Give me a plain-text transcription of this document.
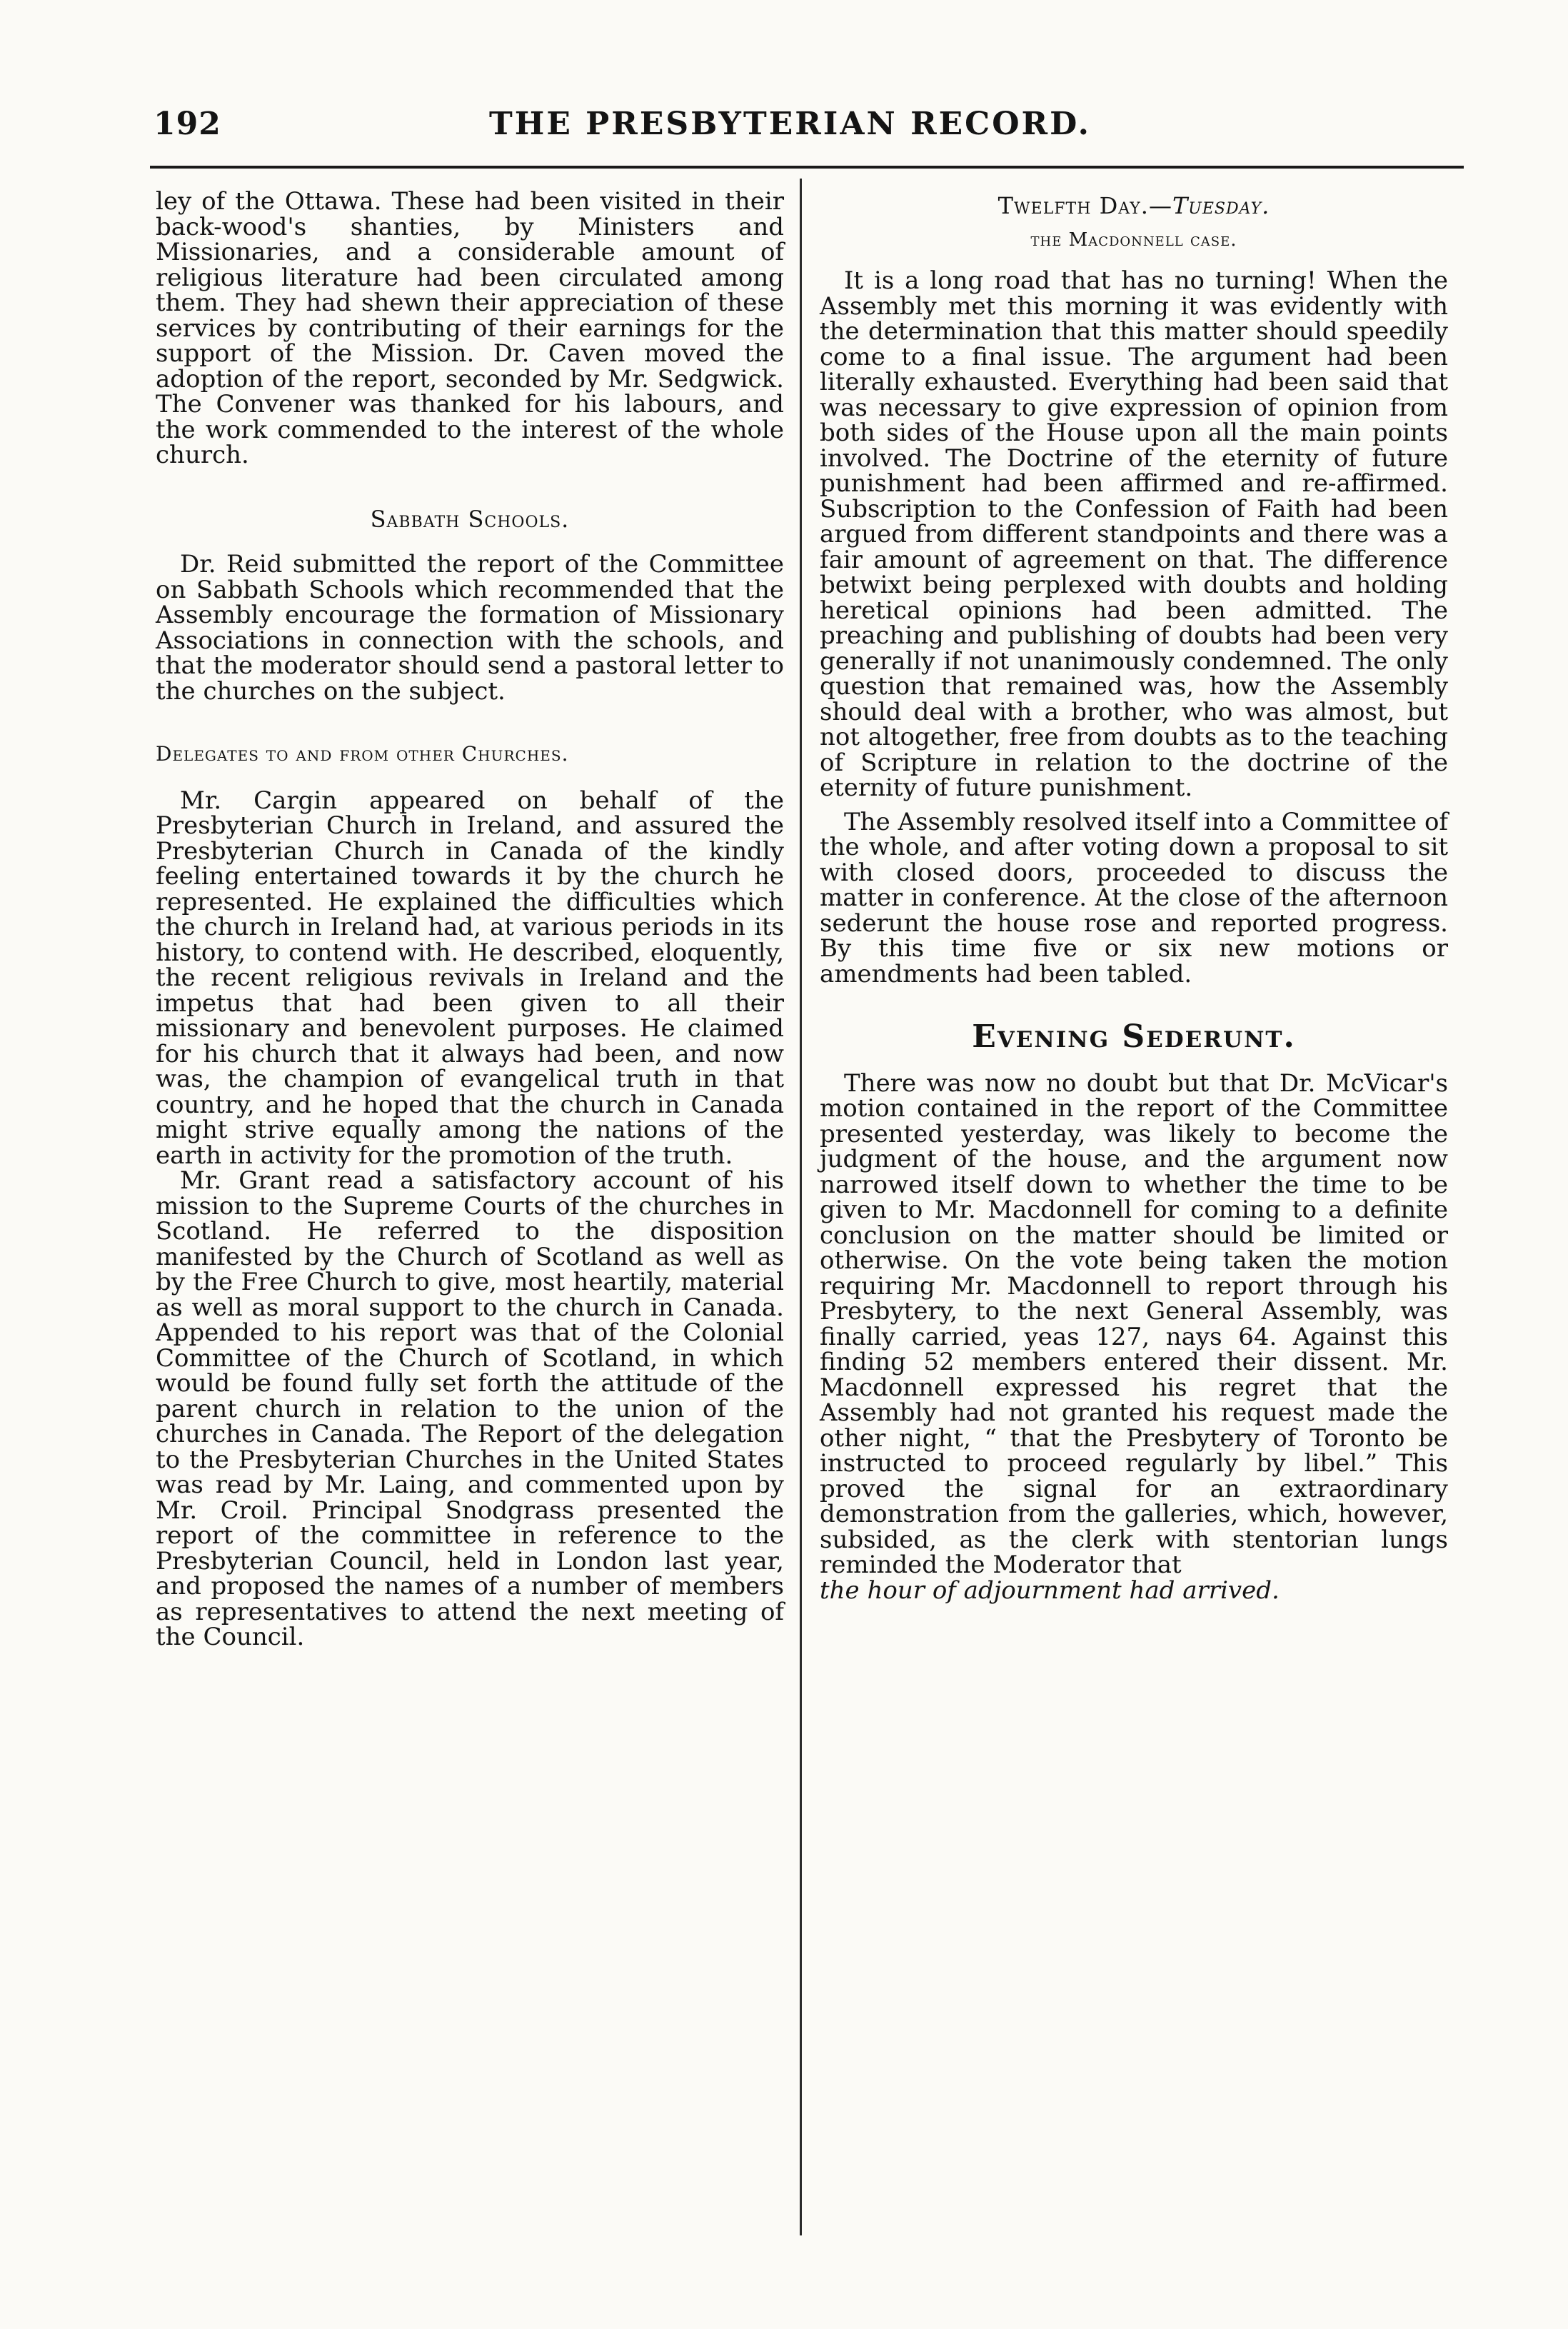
192	THE PRESBYTERIAN RECORD.

ley of the Ottawa. These had been visited in their back-wood's shanties, by Ministers and Missionaries, and a considerable amount of religious literature had been circulated among them. They had shewn their appreciation of these services by contributing of their earnings for the support of the Mission. Dr. Caven moved the adoption of the report, seconded by Mr. Sedgwick. The Convener was thanked for his labours, and the work commended to the interest of the whole church.

Sabbath Schools.

Dr. Reid submitted the report of the Committee on Sabbath Schools which recommended that the Assembly encourage the formation of Missionary Associations in connection with the schools, and that the moderator should send a pastoral letter to the churches on the subject.

Delegates to and from other Churches.

Mr. Cargin appeared on behalf of the Presbyterian Church in Ireland, and assured the Presbyterian Church in Canada of the kindly feeling entertained towards it by the church he represented. He explained the difficulties which the church in Ireland had, at various periods in its history, to contend with. He described, eloquently, the recent religious revivals in Ireland and the impetus that had been given to all their missionary and benevolent purposes. He claimed for his church that it always had been, and now was, the champion of evangelical truth in that country, and he hoped that the church in Canada might strive equally among the nations of the earth in activity for the promotion of the truth.

Mr. Grant read a satisfactory account of his mission to the Supreme Courts of the churches in Scotland. He referred to the disposition manifested by the Church of Scotland as well as by the Free Church to give, most heartily, material as well as moral support to the church in Canada. Appended to his report was that of the Colonial Committee of the Church of Scotland, in which would be found fully set forth the attitude of the parent church in relation to the union of the churches in Canada. The Report of the delegation to the Presbyterian Churches in the United States was read by Mr. Laing, and commented upon by Mr. Croil. Principal Snodgrass presented the report of the committee in reference to the Presbyterian Council, held in London last year, and proposed the names of a number of members as representatives to attend the next meeting of the Council.

Twelfth Day.—Tuesday.
the Macdonnell case.

It is a long road that has no turning! When the Assembly met this morning it was evidently with the determination that this matter should speedily come to a final issue. The argument had been literally exhausted. Everything had been said that was necessary to give expression of opinion from both sides of the House upon all the main points involved. The Doctrine of the eternity of future punishment had been affirmed and re-affirmed. Subscription to the Confession of Faith had been argued from different standpoints and there was a fair amount of agreement on that. The difference betwixt being perplexed with doubts and holding heretical opinions had been admitted. The preaching and publishing of doubts had been very generally if not unanimously condemned. The only question that remained was, how the Assembly should deal with a brother, who was almost, but not altogether, free from doubts as to the teaching of Scripture in relation to the doctrine of the eternity of future punishment.

The Assembly resolved itself into a Committee of the whole, and after voting down a proposal to sit with closed doors, proceeded to discuss the matter in conference. At the close of the afternoon sederunt the house rose and reported progress. By this time five or six new motions or amendments had been tabled.

Evening Sederunt.

There was now no doubt but that Dr. McVicar's motion contained in the report of the Committee presented yesterday, was likely to become the judgment of the house, and the argument now narrowed itself down to whether the time to be given to Mr. Macdonnell for coming to a definite conclusion on the matter should be limited or otherwise. On the vote being taken the motion requiring Mr. Macdonnell to report through his Presbytery, to the next General Assembly, was finally carried, yeas 127, nays 64. Against this finding 52 members entered their dissent. Mr. Macdonnell expressed his regret that the Assembly had not granted his request made the other night, “ that the Presbytery of Toronto be instructed to proceed regularly by libel.” This proved the signal for an extraordinary demonstration from the galleries, which, however, subsided, as the clerk with stentorian lungs reminded the Moderator that

the hour of adjournment had arrived.
